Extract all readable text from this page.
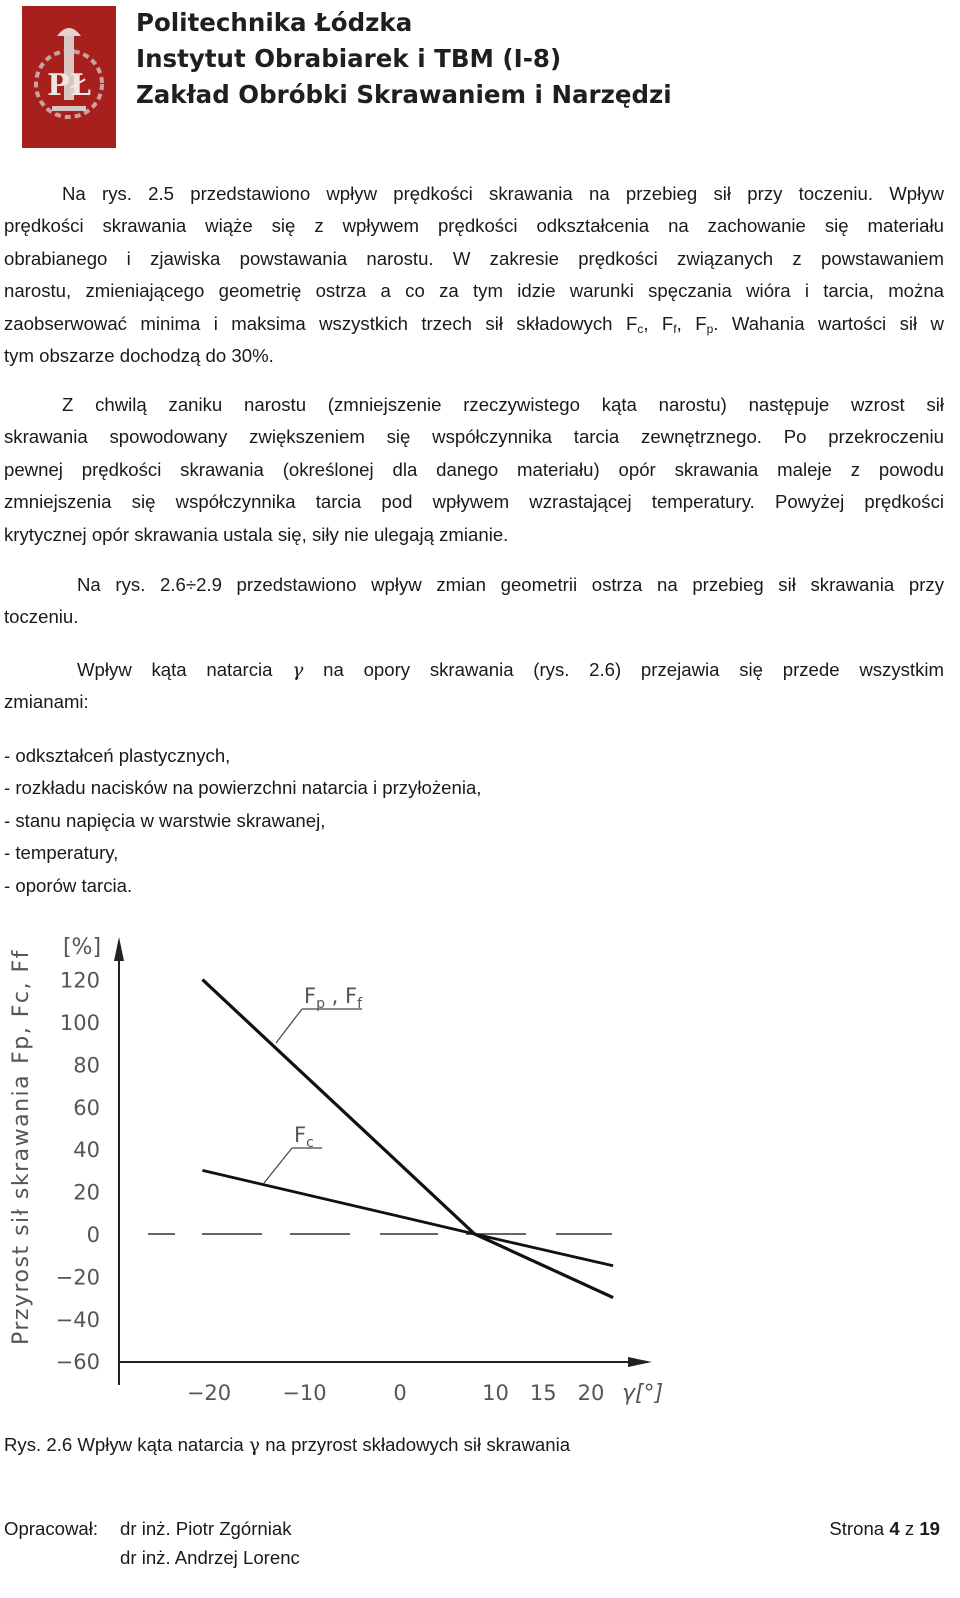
PŁ
Politechnika Łódzka
Instytut Obrabiarek i TBM (I-8)
Zakład Obróbki Skrawaniem i Narzędzi
Na rys. 2.5 przedstawiono wpływ prędkości skrawania na przebieg sił przy toczeniu. Wpływ
prędkości skrawania wiąże się z wpływem prędkości odkształcenia na zachowanie się materiału
obrabianego i zjawiska powstawania narostu. W zakresie prędkości związanych z powstawaniem
narostu, zmieniającego geometrię ostrza a co za tym idzie warunki spęczania wióra i tarcia, można
zaobserwować minima i maksima wszystkich trzech sił składowych $F_c$, $F_f$, $F_p$. Wahania wartości sił w
tym obszarze dochodzą do 30%.
Z chwilą zaniku narostu (zmniejszenie rzeczywistego kąta narostu) następuje wzrost sił
skrawania spowodowany zwiększeniem się współczynnika tarcia zewnętrznego. Po przekroczeniu
pewnej prędkości skrawania (określonej dla danego materiału) opór skrawania maleje z powodu
zmniejszenia się współczynnika tarcia pod wpływem wzrastającej temperatury. Powyżej prędkości
krytycznej opór skrawania ustala się, siły nie ulegają zmianie.
Na rys. 2.6÷2.9 przedstawiono wpływ zmian geometrii ostrza na przebieg sił skrawania przy
toczeniu.
Wpływ kąta natarcia γ na opory skrawania (rys. 2.6) przejawia się przede wszystkim
zmianami:
- odkształceń plastycznych,
- rozkładu nacisków na powierzchni natarcia i przyłożenia,
- stanu napięcia w warstwie skrawanej,
- temperatury,
- oporów tarcia.
[%]
Przyrost sił skrawaniaFp, Fc, Ff 120
100
80
60
40
20
0
−20
−40
−60
−20 −10	0	10 15 20 γ[°]
$F_p$ , $F_f$
$F_c$
Rys. 2.6 Wpływ kąta natarcia γ na przyrost składowych sił skrawania
Opracował: dr inż. Piotr Zgórniak
dr inż. Andrzej Lorenc
Strona 4 z 19
